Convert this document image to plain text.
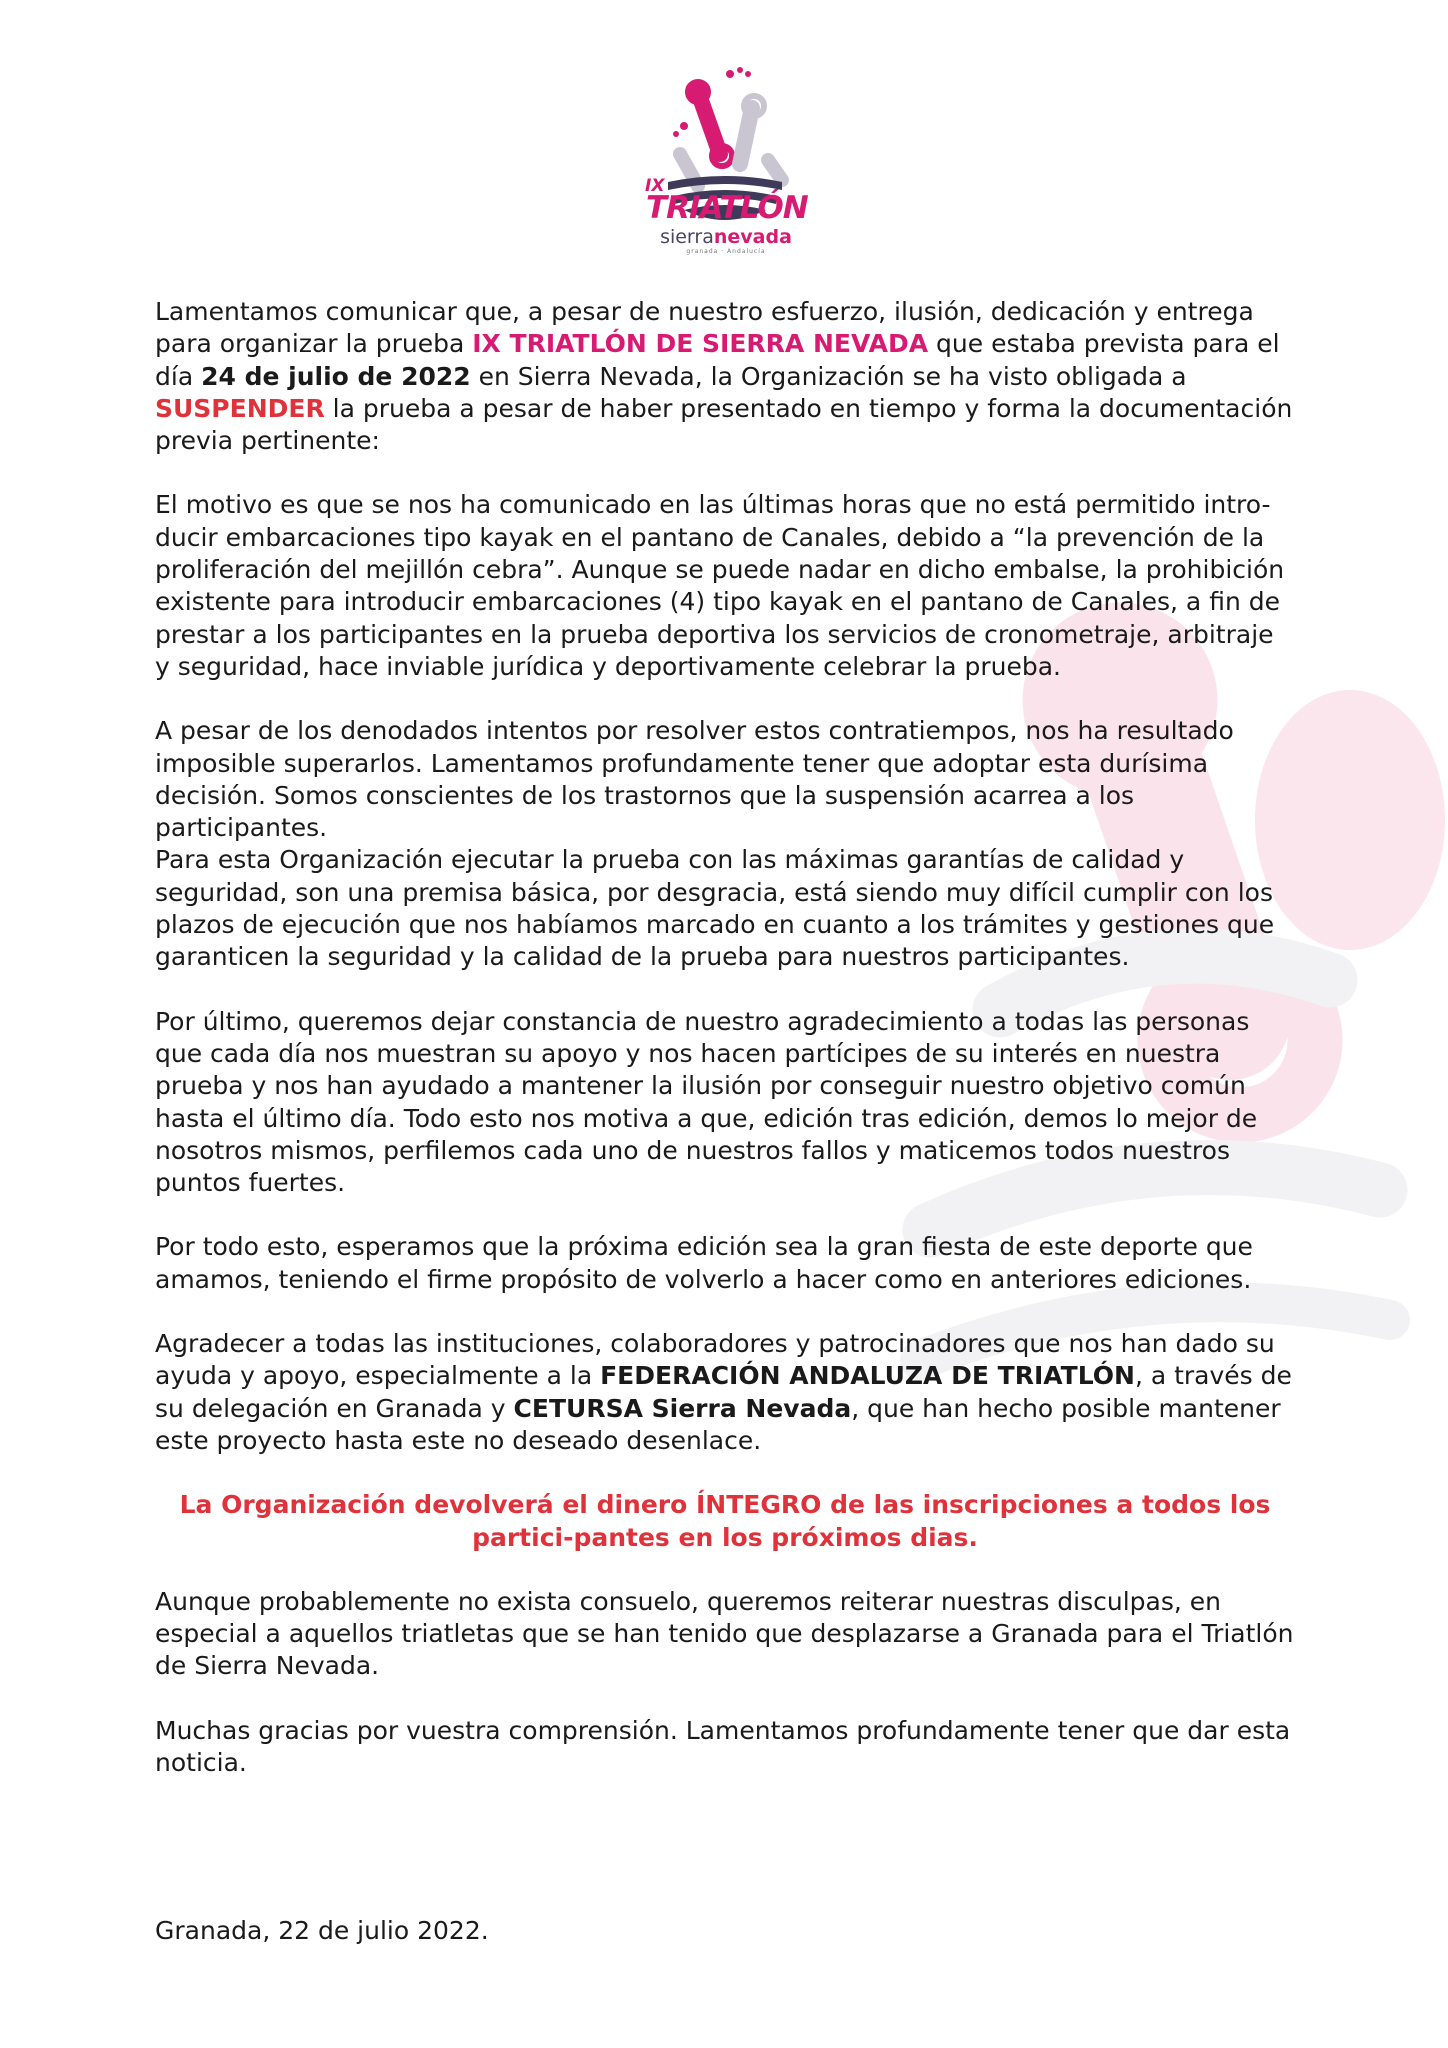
IX
TRIATLÓN
sierranevada
granada · Andalucía

Lamentamos comunicar que, a pesar de nuestro esfuerzo, ilusión, dedicación y entrega para organizar la prueba IX TRIATLÓN DE SIERRA NEVADA que estaba prevista para el día 24 de julio de 2022 en Sierra Nevada, la Organización se ha visto obligada a SUSPENDER la prueba a pesar de haber presentado en tiempo y forma la documentación previa pertinente:

El motivo es que se nos ha comunicado en las últimas horas que no está permitido intro-ducir embarcaciones tipo kayak en el pantano de Canales, debido a “la prevención de la proliferación del mejillón cebra”. Aunque se puede nadar en dicho embalse, la prohibición existente para introducir embarcaciones (4) tipo kayak en el pantano de Canales, a fin de prestar a los participantes en la prueba deportiva los servicios de cronometraje, arbitraje y seguridad, hace inviable jurídica y deportivamente celebrar la prueba.

A pesar de los denodados intentos por resolver estos contratiempos, nos ha resultado imposible superarlos. Lamentamos profundamente tener que adoptar esta durísima decisión. Somos conscientes de los trastornos que la suspensión acarrea a los participantes.

Para esta Organización ejecutar la prueba con las máximas garantías de calidad y seguridad, son una premisa básica, por desgracia, está siendo muy difícil cumplir con los plazos de ejecución que nos habíamos marcado en cuanto a los trámites y gestiones que garanticen la seguridad y la calidad de la prueba para nuestros participantes.

Por último, queremos dejar constancia de nuestro agradecimiento a todas las personas que cada día nos muestran su apoyo y nos hacen partícipes de su interés en nuestra prueba y nos han ayudado a mantener la ilusión por conseguir nuestro objetivo común hasta el último día. Todo esto nos motiva a que, edición tras edición, demos lo mejor de nosotros mismos, perfilemos cada uno de nuestros fallos y maticemos todos nuestros puntos fuertes.

Por todo esto, esperamos que la próxima edición sea la gran fiesta de este deporte que amamos, teniendo el firme propósito de volverlo a hacer como en anteriores ediciones.

Agradecer a todas las instituciones, colaboradores y patrocinadores que nos han dado su ayuda y apoyo, especialmente a la FEDERACIÓN ANDALUZA DE TRIATLÓN, a través de su delegación en Granada y CETURSA Sierra Nevada, que han hecho posible mantener este proyecto hasta este no deseado desenlace.

La Organización devolverá el dinero ÍNTEGRO de las inscripciones a todos los partici-pantes en los próximos dias.

Aunque probablemente no exista consuelo, queremos reiterar nuestras disculpas, en especial a aquellos triatletas que se han tenido que desplazarse a Granada para el Triatlón de Sierra Nevada.

Muchas gracias por vuestra comprensión. Lamentamos profundamente tener que dar esta noticia.

Granada, 22 de julio 2022.
